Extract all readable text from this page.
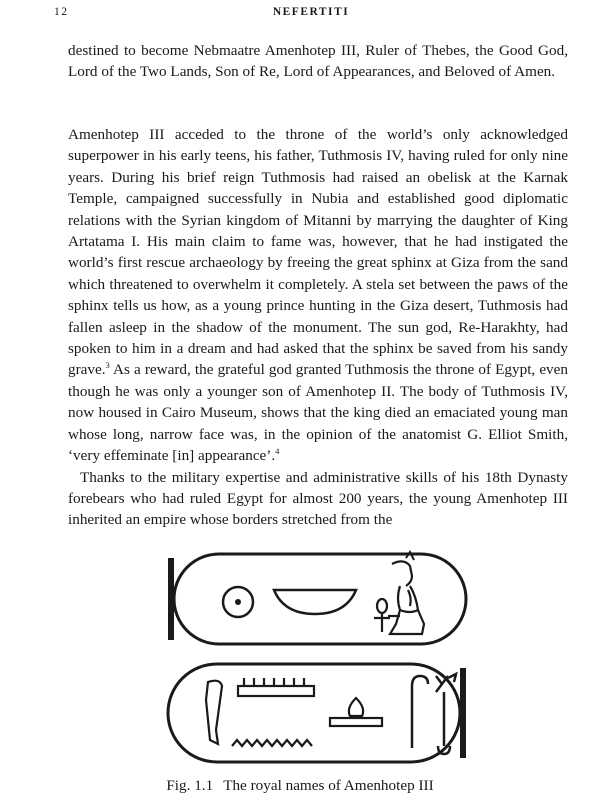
12	NEFERTITI

destined to become Nebmaatre Amenhotep III, Ruler of Thebes, the Good God, Lord of the Two Lands, Son of Re, Lord of Appearances, and Beloved of Amen.

Amenhotep III acceded to the throne of the world’s only acknowledged superpower in his early teens, his father, Tuthmosis IV, having ruled for only nine years. During his brief reign Tuthmosis had raised an obelisk at the Karnak Temple, campaigned successfully in Nubia and established good diplomatic relations with the Syrian kingdom of Mitanni by marrying the daughter of King Artatama I. His main claim to fame was, however, that he had instigated the world’s first rescue archaeology by freeing the great sphinx at Giza from the sand which threatened to overwhelm it completely. A stela set between the paws of the sphinx tells us how, as a young prince hunting in the Giza desert, Tuthmosis had fallen asleep in the shadow of the monument. The sun god, Re-Harakhty, had spoken to him in a dream and had asked that the sphinx be saved from his sandy grave.$^3$ As a reward, the grateful god granted Tuthmosis the throne of Egypt, even though he was only a younger son of Amenhotep II. The body of Tuthmosis IV, now housed in Cairo Museum, shows that the king died an emaciated young man whose long, narrow face was, in the opinion of the anatomist G. Elliot Smith, ‘very effeminate [in] appearance’.$^4$

Thanks to the military expertise and administrative skills of his 18th Dynasty forebears who had ruled Egypt for almost 200 years, the young Amenhotep III inherited an empire whose borders stretched from the

Fig. 1.1 The royal names of Amenhotep III
